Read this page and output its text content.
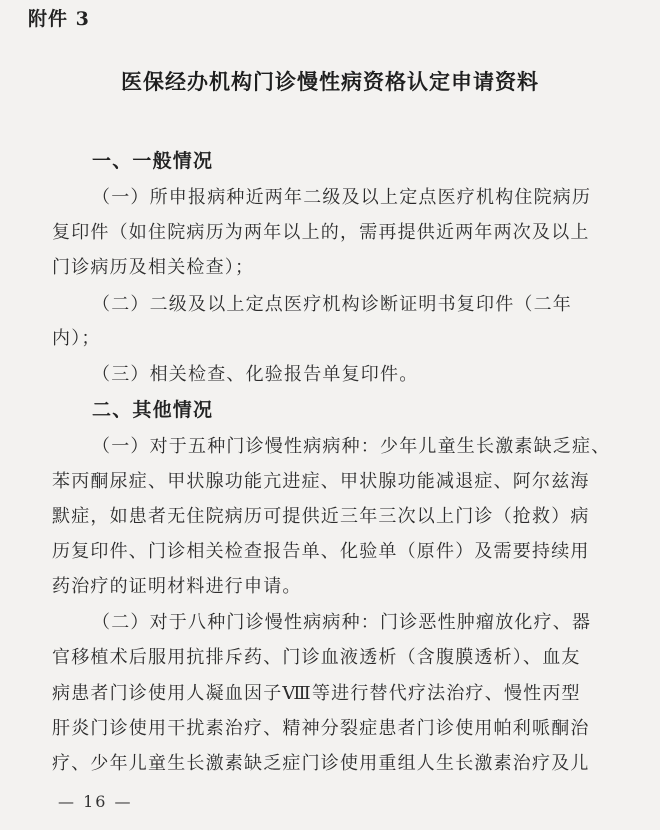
附件 3
医保经办机构门诊慢性病资格认定申请资料
一、一般情况
（一）所申报病种近两年二级及以上定点医疗机构住院病历
复印件（如住院病历为两年以上的，需再提供近两年两次及以上
门诊病历及相关检查）；
（二）二级及以上定点医疗机构诊断证明书复印件（二年
内）；
（三）相关检查、化验报告单复印件。
二、其他情况
（一）对于五种门诊慢性病病种：少年儿童生长激素缺乏症、
苯丙酮尿症、甲状腺功能亢进症、甲状腺功能减退症、阿尔兹海
默症，如患者无住院病历可提供近三年三次以上门诊（抢救）病
历复印件、门诊相关检查报告单、化验单（原件）及需要持续用
药治疗的证明材料进行申请。
（二）对于八种门诊慢性病病种：门诊恶性肿瘤放化疗、器
官移植术后服用抗排斥药、门诊血液透析（含腹膜透析）、血友
病患者门诊使用人凝血因子Ⅷ等进行替代疗法治疗、慢性丙型
肝炎门诊使用干扰素治疗、精神分裂症患者门诊使用帕利哌酮治
疗、少年儿童生长激素缺乏症门诊使用重组人生长激素治疗及儿
— 16 —
